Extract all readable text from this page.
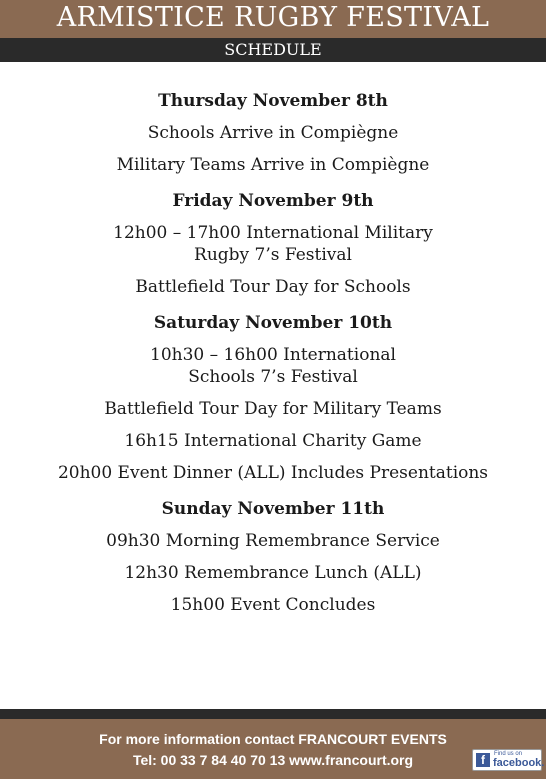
ARMISTICE RUGBY FESTIVAL
SCHEDULE
Thursday November 8th
Schools Arrive in Compiègne
Military Teams Arrive in Compiègne
Friday November 9th
12h00 – 17h00 International Military
Rugby 7’s Festival
Battlefield Tour Day for Schools
Saturday November 10th
10h30 – 16h00 International
Schools 7’s Festival
Battlefield Tour Day for Military Teams
16h15 International Charity Game
20h00 Event Dinner (ALL) Includes Presentations
Sunday November 11th
09h30 Morning Remembrance Service
12h30 Remembrance Lunch (ALL)
15h00 Event Concludes
For more information contact FRANCOURT EVENTS
Tel: 00 33 7 84 40 70 13 www.francourt.org	f	Find us on
facebook.
